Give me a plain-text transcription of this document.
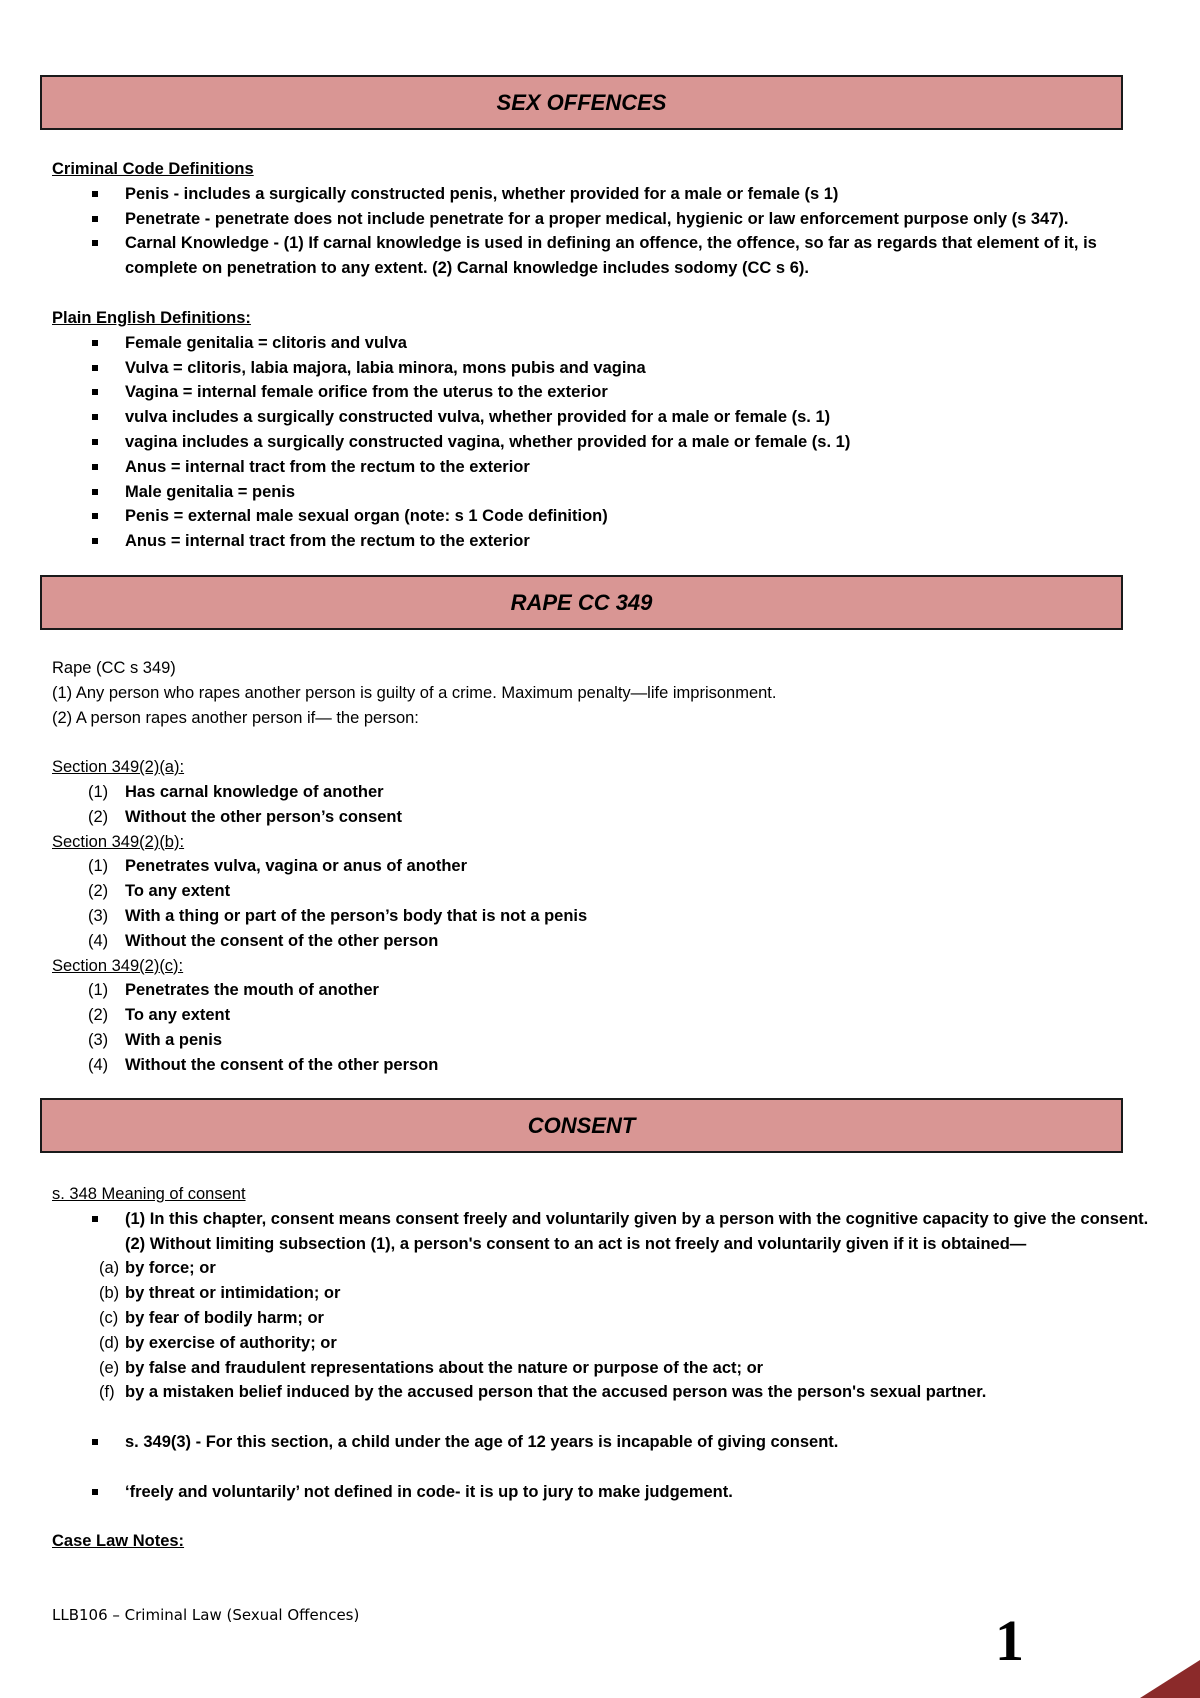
SEX OFFENCES
Criminal Code Definitions
Penis - includes a surgically constructed penis, whether provided for a male or female (s 1)
Penetrate - penetrate does not include penetrate for a proper medical, hygienic or law enforcement purpose only (s 347).
Carnal Knowledge - (1) If carnal knowledge is used in defining an offence, the offence, so far as regards that element of it, is complete on penetration to any extent. (2) Carnal knowledge includes sodomy (CC s 6).
Plain English Definitions:
Female genitalia = clitoris and vulva
Vulva = clitoris, labia majora, labia minora, mons pubis and vagina
Vagina = internal female orifice from the uterus to the exterior
vulva includes a surgically constructed vulva, whether provided for a male or female (s. 1)
vagina includes a surgically constructed vagina, whether provided for a male or female (s. 1)
Anus = internal tract from the rectum to the exterior
Male genitalia = penis
Penis = external male sexual organ (note: s 1 Code definition)
Anus = internal tract from the rectum to the exterior
RAPE CC 349
Rape (CC s 349)
(1) Any person who rapes another person is guilty of a crime. Maximum penalty—life imprisonment.
(2) A person rapes another person if— the person:
Section 349(2)(a):
(1) Has carnal knowledge of another
(2) Without the other person’s consent
Section 349(2)(b):
(1) Penetrates vulva, vagina or anus of another
(2) To any extent
(3) With a thing or part of the person’s body that is not a penis
(4) Without the consent of the other person
Section 349(2)(c):
(1) Penetrates the mouth of another
(2) To any extent
(3) With a penis
(4) Without the consent of the other person
CONSENT
s. 348 Meaning of consent
(1) In this chapter, consent means consent freely and voluntarily given by a person with the cognitive capacity to give the consent. (2) Without limiting subsection (1), a person's consent to an act is not freely and voluntarily given if it is obtained—
(a) by force; or
(b) by threat or intimidation; or
(c) by fear of bodily harm; or
(d) by exercise of authority; or
(e) by false and fraudulent representations about the nature or purpose of the act; or
(f) by a mistaken belief induced by the accused person that the accused person was the person's sexual partner.
s. 349(3) - For this section, a child under the age of 12 years is incapable of giving consent.
‘freely and voluntarily’ not defined in code- it is up to jury to make judgement.
Case Law Notes:
LLB106 – Criminal Law (Sexual Offences)	1
